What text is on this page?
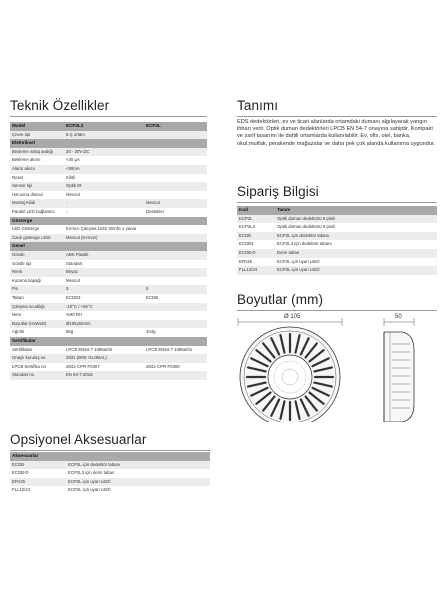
Teknik Özellikler
Model	ECP2L3	ECP2L
Çevre tipi	8 iç ortam
Elektriksel
Besleme voltaj aralığı	20 - 30V DC
Bekleme akımı	<40 µA
Alarm akımı	<90mA
Reset	Kilitli
Sensor tipi	Optik IR
Hat sonu direnci	Mevcut
Montaj Kilidi	-	Mevcut
Paralel LED bağlantısı	-	Destekler
Gösterge
LED Gösterge	Kırmızı Çalışma LEDi 30s'de 1 yanar
Canlı gösterge LEDi	Mevcut (Kırmızı)
Genel
Gövde	ABS Plastik
Gövde tipi	Standart
Renk	Beyaz
Koruma kapağı	Mevcut
Pin	3	5
Taban	ECDB3	ECDB
Çalışma sıcaklığı	-10°C / +50°C
Nem	%90 RH
Boyutlar (HxWxD)	Ø105x50mm
Ağırlık	96g	104g
Sertifikalar
Sertifikalar	LPCB EN54-7 1086a/02	LPCB EN54-7 1086a/01
Onaylı kuruluş no	2831 (BRE GLOBAL)
LPCB Sertifika no	2831-CPR-F0307	2831-CPR-F0306
Standart no	EN 54-7:2018
Tanımı
EDS dedektörleri, ev ve ticari alanlarda ortamdaki dumanı algılayarak yangın ihbarı verir. Optik duman dedektörleri LPCB EN 54-7 onayına sahiptir. Kompakt ve zarif tasarımı ile dahili ortamlarda kullanılabilir. Ev, ofis, otel, banka, okul,mutfak, perakende mağazalar ve daha pek çok alanda kullanıma uygundur.
Sipariş Bilgisi
Kod	Tanım
ECP2L	Optik duman dedektörü 5 pimli
ECP2L3	Optik duman dedektörü 3 pimli
ECDB	ECP2L için dedektör tabanı
ECDB3	ECP2L3 için dedektör tabanı
ECDB-D	Derin taban
EPA25	ECP2L için uyarı LEDİ
FLL12/24	ECP2L için uyarı LEDİ
Boyutlar (mm)
Ø 105	50
Opsiyonel Aksesuarlar
Aksesuarlar
ECDB	ECP2L için dedektör tabanı
ECDB-D	ECP2L3 için derin taban
EPA25	ECP2L için uyarı LEDİ
FLL12/24	ECP2L için uyarı LEDİ
